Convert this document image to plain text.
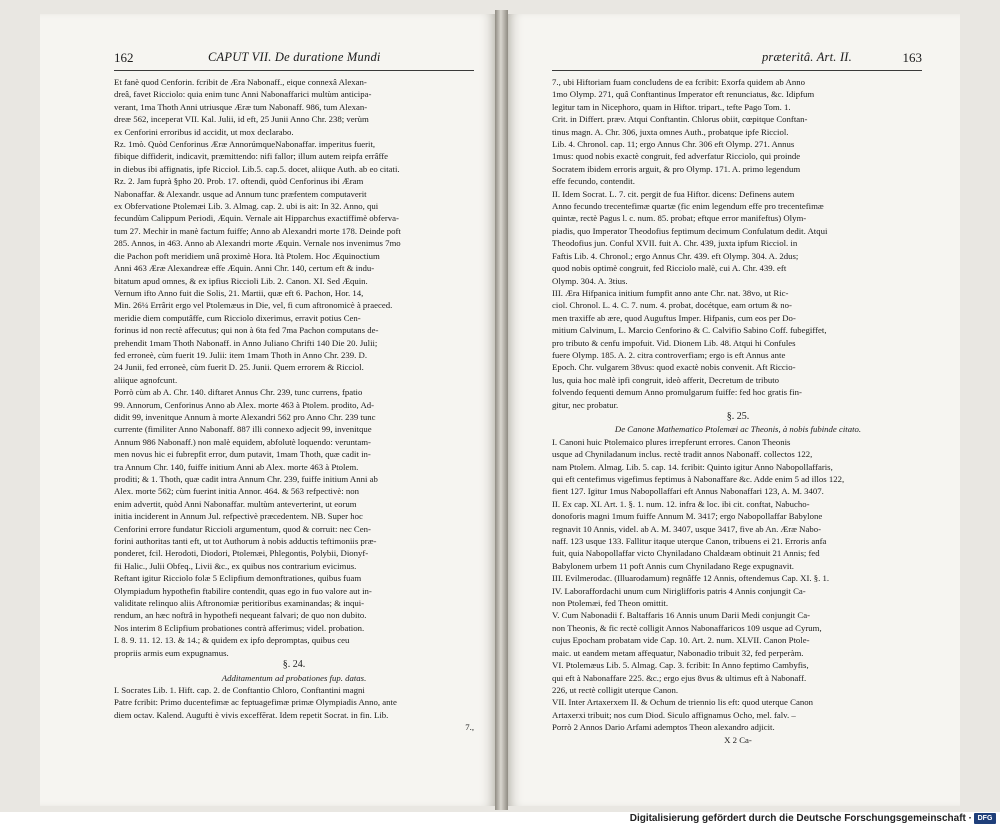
162	CAPUT VII. De duratione Mundi
Et fanè quod Cenforin. fcribit de Æra Nabonaff., eique connexâ Alexan-
dreâ, favet Ricciolo: quia enim tunc Anni Nabonaffarici multùm anticipa-
verant, 1ma Thoth Anni utriusque Æræ tum Nabonaff. 986, tum Alexan-
dreæ 562, inceperat VII. Kal. Julii, id eft, 25 Junii Anno Chr. 238; verùm
ex Cenforini erroribus id accidit, ut mox declarabo.
Rz. 1mò. Quòd Cenforinus Æræ AnnorúmqueNabonaffar. imperitus fuerit,
fibique diffiderit, indicavit, præmittendo: nifi fallor; illum autem reipfa errâffe
in diebus ibi affignatis, ipfe Riccioł. Lib.5. cap.5. docet, aliique Auth. ab eo citati.
Rz. 2. Jam fuprà §pho 20. Prob. 17. oftendi, quòd Cenforinus ibi Æram
Nabonaffar. & Alexandr. usque ad Annum tunc præfentem computaverit
ex Obfervatione Ptolemæi Lib. 3. Almag. cap. 2. ubi is ait: In 32. Anno, qui
fecundùm Calippum Periodi, Æquin. Vernale ait Hipparchus exactiffimè obferva-
tum 27. Mechir in manè factum fuiffe; Anno ab Alexandri morte 178. Deinde poft
285. Annos, in 463. Anno ab Alexandri morte Æquin. Vernale nos invenimus 7mo
die Pachon poft meridiem unâ proximè Hora. Ità Ptolem. Hoc Æquinoctium
Anni 463 Æræ Alexandreæ effe Æquin. Anni Chr. 140, certum eft & indu-
bitatum apud omnes, & ex ipfius Riccioli Lib. 2. Canon. XI. Sed Æquin.
Vernum ifto Anno fuit die Solis, 21. Martii, quæ eft 6. Pachon, Hor. 14,
Min. 26¼ Errârit ergo vel Ptolemæus in Die, vel, fi cum aftronomicè à praeced.
meridie diem computâffe, cum Ricciolo dixerimus, erravit potius Cen-
forinus id non rectè affecutus; qui non à 6ta fed 7ma Pachon computans de-
prehendit 1mam Thoth Nabonaff. in Anno Juliano Chrifti 140 Die 20. Julii;
fed erroneè, cùm fuerit 19. Julii: item 1mam Thoth in Anno Chr. 239. D.
24 Junii, fed erroneè, cùm fuerit D. 25. Junii. Quem errorem & Ricciol.
aliique agnofcunt.
Porrò cùm ab A. Chr. 140. diftaret Annus Chr. 239, tunc currens, fpatio
99. Annorum, Cenforinus Anno ab Alex. morte 463 à Ptolem. prodito, Ad-
didit 99, invenitque Annum à morte Alexandri 562 pro Anno Chr. 239 tunc
currente (fimiliter Anno Nabonaff. 887 illi connexo adjecit 99, invenitque
Annum 986 Nabonaff.) non malè equidem, abfolutè loquendo: veruntam-
men novus hic ei fubrepfit error, dum putavit, 1mam Thoth, quæ cadit in-
tra Annum Chr. 140, fuiffe initium Anni ab Alex. morte 463 à Ptolem.
proditi; & 1. Thoth, quæ cadit intra Annum Chr. 239, fuiffe initium Anni ab
Alex. morte 562; cùm fuerint initia Annor. 464. & 563 refpectivè: non
enim advertit, quòd Anni Nabonaffar. multùm anteverterint, ut eorum
initia inciderent in Annum Jul. refpectivè præcedentem. NB. Super hoc
Cenforini errore fundatur Riccioli argumentum, quod & corruit: nec Cen-
forini authoritas tanti eft, ut tot Authorum à nobis adductis teftimoniis præ-
ponderet, fcil. Herodoti, Diodori, Ptolemæi, Phlegontis, Polybii, Dionyf-
fii Halic., Julii Obfeq., Livii &c., ex quibus nos contrarium evicimus.
Reftant igitur Ricciolo folæ 5 Eclipfium demonftrationes, quibus fuam
Olympiadum hypothefin ftabilire contendit, quas ego in fuo valore aut in-
validitate relinquo aliis Aftronomiæ peritioribus examinandas; & inqui-
rendum, an hæc noftrâ in hypothefi nequeant falvari; de quo non dubito.
Nos interim 8 Eclipfium probationes contrà afferimus; videl. probation.
I. 8. 9. 11. 12. 13. & 14.; & quidem ex ipfo depromptas, quibus ceu
propriis armis eum expugnamus.
§. 24.
Additamentum ad probationes fup. datas.
I. Socrates Lib. 1. Hift. cap. 2. de Conftantio Chloro, Conftantini magni
Patre fcribit: Primo ducentefimæ ac feptuagefimæ primæ Olympiadis Anno, ante
diem octav. Kalend. Augufti è vivis exceffērat. Idem repetit Socrat. in fin. Lib.
7.,
præteritâ. Art. II.	163
7., ubi Hiftoriam fuam concludens de ea fcribit: Exorfa quidem ab Anno
1mo Olymp. 271, quâ Conftantinus Imperator eft renunciatus, &c. Idipfum
legitur tam in Nicephoro, quam in Hiftor. tripart., tefte Pago Tom. 1.
Crit. in Differt. præv. Atqui Conftantin. Chlorus obiit, cœpitque Conftan-
tinus magn. A. Chr. 306, juxta omnes Auth., probatque ipfe Ricciol.
Lib. 4. Chronol. cap. 11; ergo Annus Chr. 306 eft Olymp. 271. Annus
1mus: quod nobis exactè congruit, fed adverfatur Ricciolo, qui proinde
Socratem ibidem erroris arguit, & pro Olymp. 171. A. primo legendum
effe fecundo, contendit.
II. Idem Socrat. L. 7. cit. pergit de fua Hiftor. dicens: Definens autem
Anno fecundo trecentefimæ quartæ (fic enim legendum effe pro trecentefimæ
quintæ, rectè Pagus l. c. num. 85. probat; eftque error manifeftus) Olym-
piadis, quo Imperator Theodofius feptimum decimum Confulatum dedit. Atqui
Theodofius jun. Conful XVII. fuit A. Chr. 439, juxta ipfum Ricciol. in
Faftis Lib. 4. Chronol.; ergo Annus Chr. 439. eft Olymp. 304. A. 2dus;
quod nobis optimè congruit, fed Ricciolo malè, cui A. Chr. 439. eft
Olymp. 304. A. 3tius.
III. Æra Hifpanica initium fumpfit anno ante Chr. nat. 38vo, ut Ric-
ciol. Chronol. L. 4. C. 7. num. 4. probat, docétque, eam ortum & no-
men traxiffe ab ære, quod Auguftus Imper. Hifpanis, cum eos per Do-
mitium Calvinum, L. Marcio Cenforino & C. Calvifio Sabino Coff. fubegiffet,
pro tributo & cenfu impofuit. Vid. Dionem Lib. 48. Atqui hi Confules
fuere Olymp. 185. A. 2. citra controverfiam; ergo is eft Annus ante
Epoch. Chr. vulgarem 38vus: quod exactè nobis convenit. Aft Riccio-
lus, quia hoc malè ipfi congruit, ideò afferit, Decretum de tributo
folvendo fequenti demum Anno promulgarum fuiffe: fed hoc gratis fin-
gitur, nec probatur.
§. 25.
De Canone Mathematico Ptolemæi ac Theonis, à nobis fubinde citato.
I. Canoni huic Ptolemaico plures irrepferunt errores. Canon Theonis
usque ad Chyniladanum inclus. rectè tradit annos Nabonaff. collectos 122,
nam Ptolem. Almag. Lib. 5. cap. 14. fcribit: Quinto igitur Anno Nabopollaffaris,
qui eft centefimus vigefimus feptimus à Nabonaffare &c. Adde enim 5 ad illos 122,
fient 127. Igitur 1mus Nabopollaffari eft Annus Nabonaffari 123, A. M. 3407.
II. Ex cap. XI. Art. 1. §. 1. num. 12. infra & loc. ibi cit. conftat, Nabucho-
donoforis magni 1mum fuiffe Annum M. 3417; ergo Nabopollaffar Babylone
regnavit 10 Annis, videl. ab A. M. 3407, usque 3417, five ab An. Æræ Nabo-
naff. 123 usque 133. Fallitur itaque uterque Canon, tribuens ei 21. Erroris anfa
fuit, quia Nabopollaffar victo Chyniladano Chaldæam obtinuit 21 Annis; fed
Babylonem urbem 11 poft Annis cum Chyniladano Rege expugnavit.
III. Evilmerodac. (Illuarodamum) regnâffe 12 Annis, oftendemus Cap. XI. §. 1.
IV. Laboraffordachi unum cum Niriglifforis patris 4 Annis conjungit Ca-
non Ptolemæi, fed Theon omittit.
V. Cum Nabonadii f. Baltaffaris 16 Annis unum Darii Medi conjungit Ca-
non Theonis, & fic rectè colligit Annos Nabonaffaricos 109 usque ad Cyrum,
cujus Epocham probatam vide Cap. 10. Art. 2. num. XLVII. Canon Ptole-
maic. ut eandem metam affequatur, Nabonadio tribuit 32, fed perperàm.
VI. Ptolemæus Lib. 5. Almag. Cap. 3. fcribit: In Anno feptimo Cambyfis,
qui eft à Nabonaffare 225. &c.; ergo ejus 8vus & ultimus eft à Nabonaff.
226, ut rectè colligit uterque Canon.
VII. Inter Artaxerxem II. & Ochum de triennio lis eft: quod uterque Canon
Artaxerxi tribuit; nos cum Diod. Siculo affignamus Ocho, mel. falv. –
Porrò 2 Annos Dario Arfami ademptos Theon alexandro adjicit.
X 2 Ca-
Digitalisierung gefördert durch die Deutsche Forschungsgemeinschaft · DFG
